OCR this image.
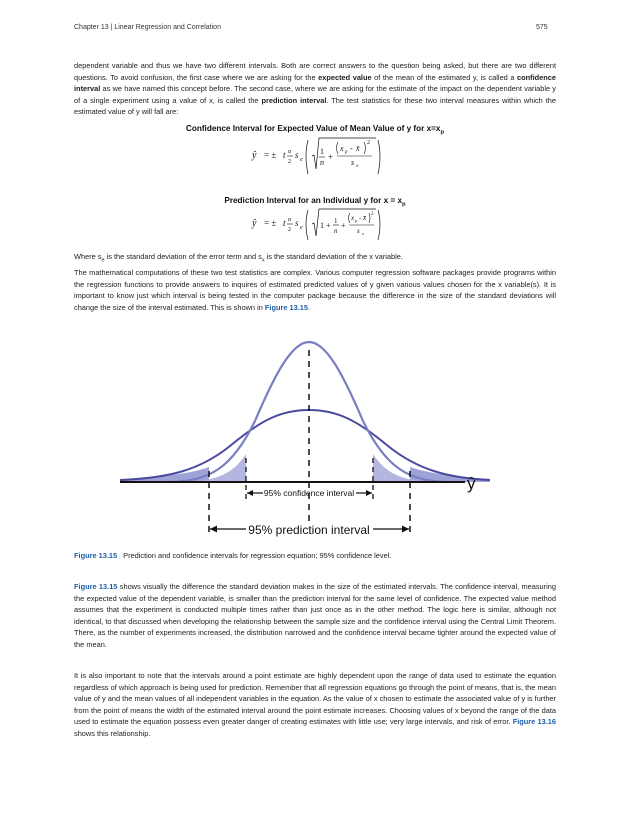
Chapter 13 | Linear Regression and Correlation	575

dependent variable and thus we have two different intervals. Both are correct answers to the question being asked, but there are two different questions. To avoid confusion, the first case where we are asking for the expected value of the mean of the estimated y, is called a confidence interval as we have named this concept before. The second case, where we are asking for the estimate of the impact on the dependent variable y of a single experiment using a value of x, is called the prediction interval. The test statistics for these two interval measures within which the estimated value of y will fall are:

Confidence Interval for Expected Value of Mean Value of y for $x=x_p$
ŷ = ± t α
2
s e
1
n
+
x p - x̄
2
s x
Prediction Interval for an Individual y for $x = x_p$
ŷ = ± t α
2
s e 1 + 1
n
+
x p - x̄ 2
s x

Where $s_e$ is the standard deviation of the error term and $s_x$ is the standard deviation of the x variable.

The mathematical computations of these two test statistics are complex. Various computer regression software packages provide programs within the regression functions to provide answers to inquires of estimated predicted values of y given various values chosen for the x variable(s). It is important to know just which interval is being tested in the computer package because the difference in the size of the standard deviations will change the size of the interval estimated. This is shown in Figure 13.15.

ŷ
95% confidence interval
95% prediction interval
Figure 13.15 Prediction and confidence intervals for regression equation; 95% confidence level.

Figure 13.15 shows visually the difference the standard deviation makes in the size of the estimated intervals. The confidence interval, measuring the expected value of the dependent variable, is smaller than the prediction interval for the same level of confidence. The expected value method assumes that the experiment is conducted multiple times rather than just once as in the other method. The logic here is similar, although not identical, to that discussed when developing the relationship between the sample size and the confidence interval using the Central Limit Theorem. There, as the number of experiments increased, the distribution narrowed and the confidence interval became tighter around the expected value of the mean.

It is also important to note that the intervals around a point estimate are highly dependent upon the range of data used to estimate the equation regardless of which approach is being used for prediction. Remember that all regression equations go through the point of means, that is, the mean value of y and the mean values of all independent variables in the equation. As the value of x chosen to estimate the associated value of y is further from the point of means the width of the estimated interval around the point estimate increases. Choosing values of x beyond the range of the data used to estimate the equation possess even greater danger of creating estimates with little use; very large intervals, and risk of error. Figure 13.16 shows this relationship.
